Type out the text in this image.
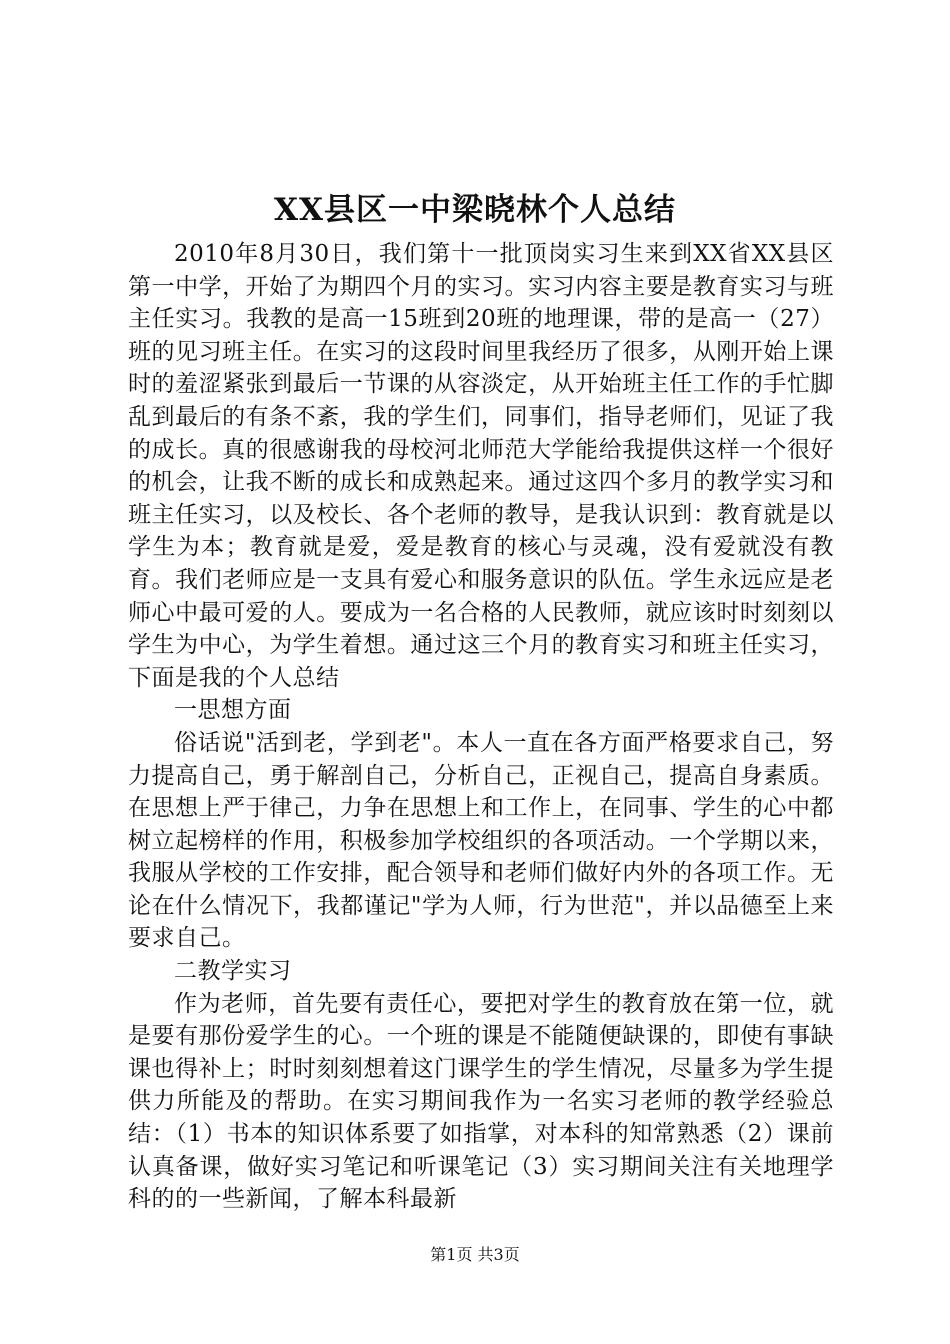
XX县区一中梁晓林个人总结

2010年8月30日，我们第十一批顶岗实习生来到XX省XX县区第一中学，开始了为期四个月的实习。实习内容主要是教育实习与班主任实习。我教的是高一15班到20班的地理课，带的是高一（27）班的见习班主任。在实习的这段时间里我经历了很多，从刚开始上课时的羞涩紧张到最后一节课的从容淡定，从开始班主任工作的手忙脚乱到最后的有条不紊，我的学生们，同事们，指导老师们，见证了我的成长。真的很感谢我的母校河北师范大学能给我提供这样一个很好的机会，让我不断的成长和成熟起来。通过这四个多月的教学实习和班主任实习，以及校长、各个老师的教导，是我认识到：教育就是以学生为本；教育就是爱，爱是教育的核心与灵魂，没有爱就没有教育。我们老师应是一支具有爱心和服务意识的队伍。学生永远应是老师心中最可爱的人。要成为一名合格的人民教师，就应该时时刻刻以学生为中心，为学生着想。通过这三个月的教育实习和班主任实习，下面是我的个人总结

一思想方面

俗话说"活到老，学到老"。本人一直在各方面严格要求自己，努力提高自己，勇于解剖自己，分析自己，正视自己，提高自身素质。在思想上严于律己，力争在思想上和工作上，在同事、学生的心中都树立起榜样的作用，积极参加学校组织的各项活动。一个学期以来，我服从学校的工作安排，配合领导和老师们做好内外的各项工作。无论在什么情况下，我都谨记"学为人师，行为世范"，并以品德至上来要求自己。

二教学实习

作为老师，首先要有责任心，要把对学生的教育放在第一位，就是要有那份爱学生的心。一个班的课是不能随便缺课的，即使有事缺课也得补上；时时刻刻想着这门课学生的学生情况，尽量多为学生提供力所能及的帮助。在实习期间我作为一名实习老师的教学经验总结：（1）书本的知识体系要了如指掌，对本科的知常熟悉（2）课前认真备课，做好实习笔记和听课笔记（3）实习期间关注有关地理学科的的一些新闻，了解本科最新

第1页 共3页
